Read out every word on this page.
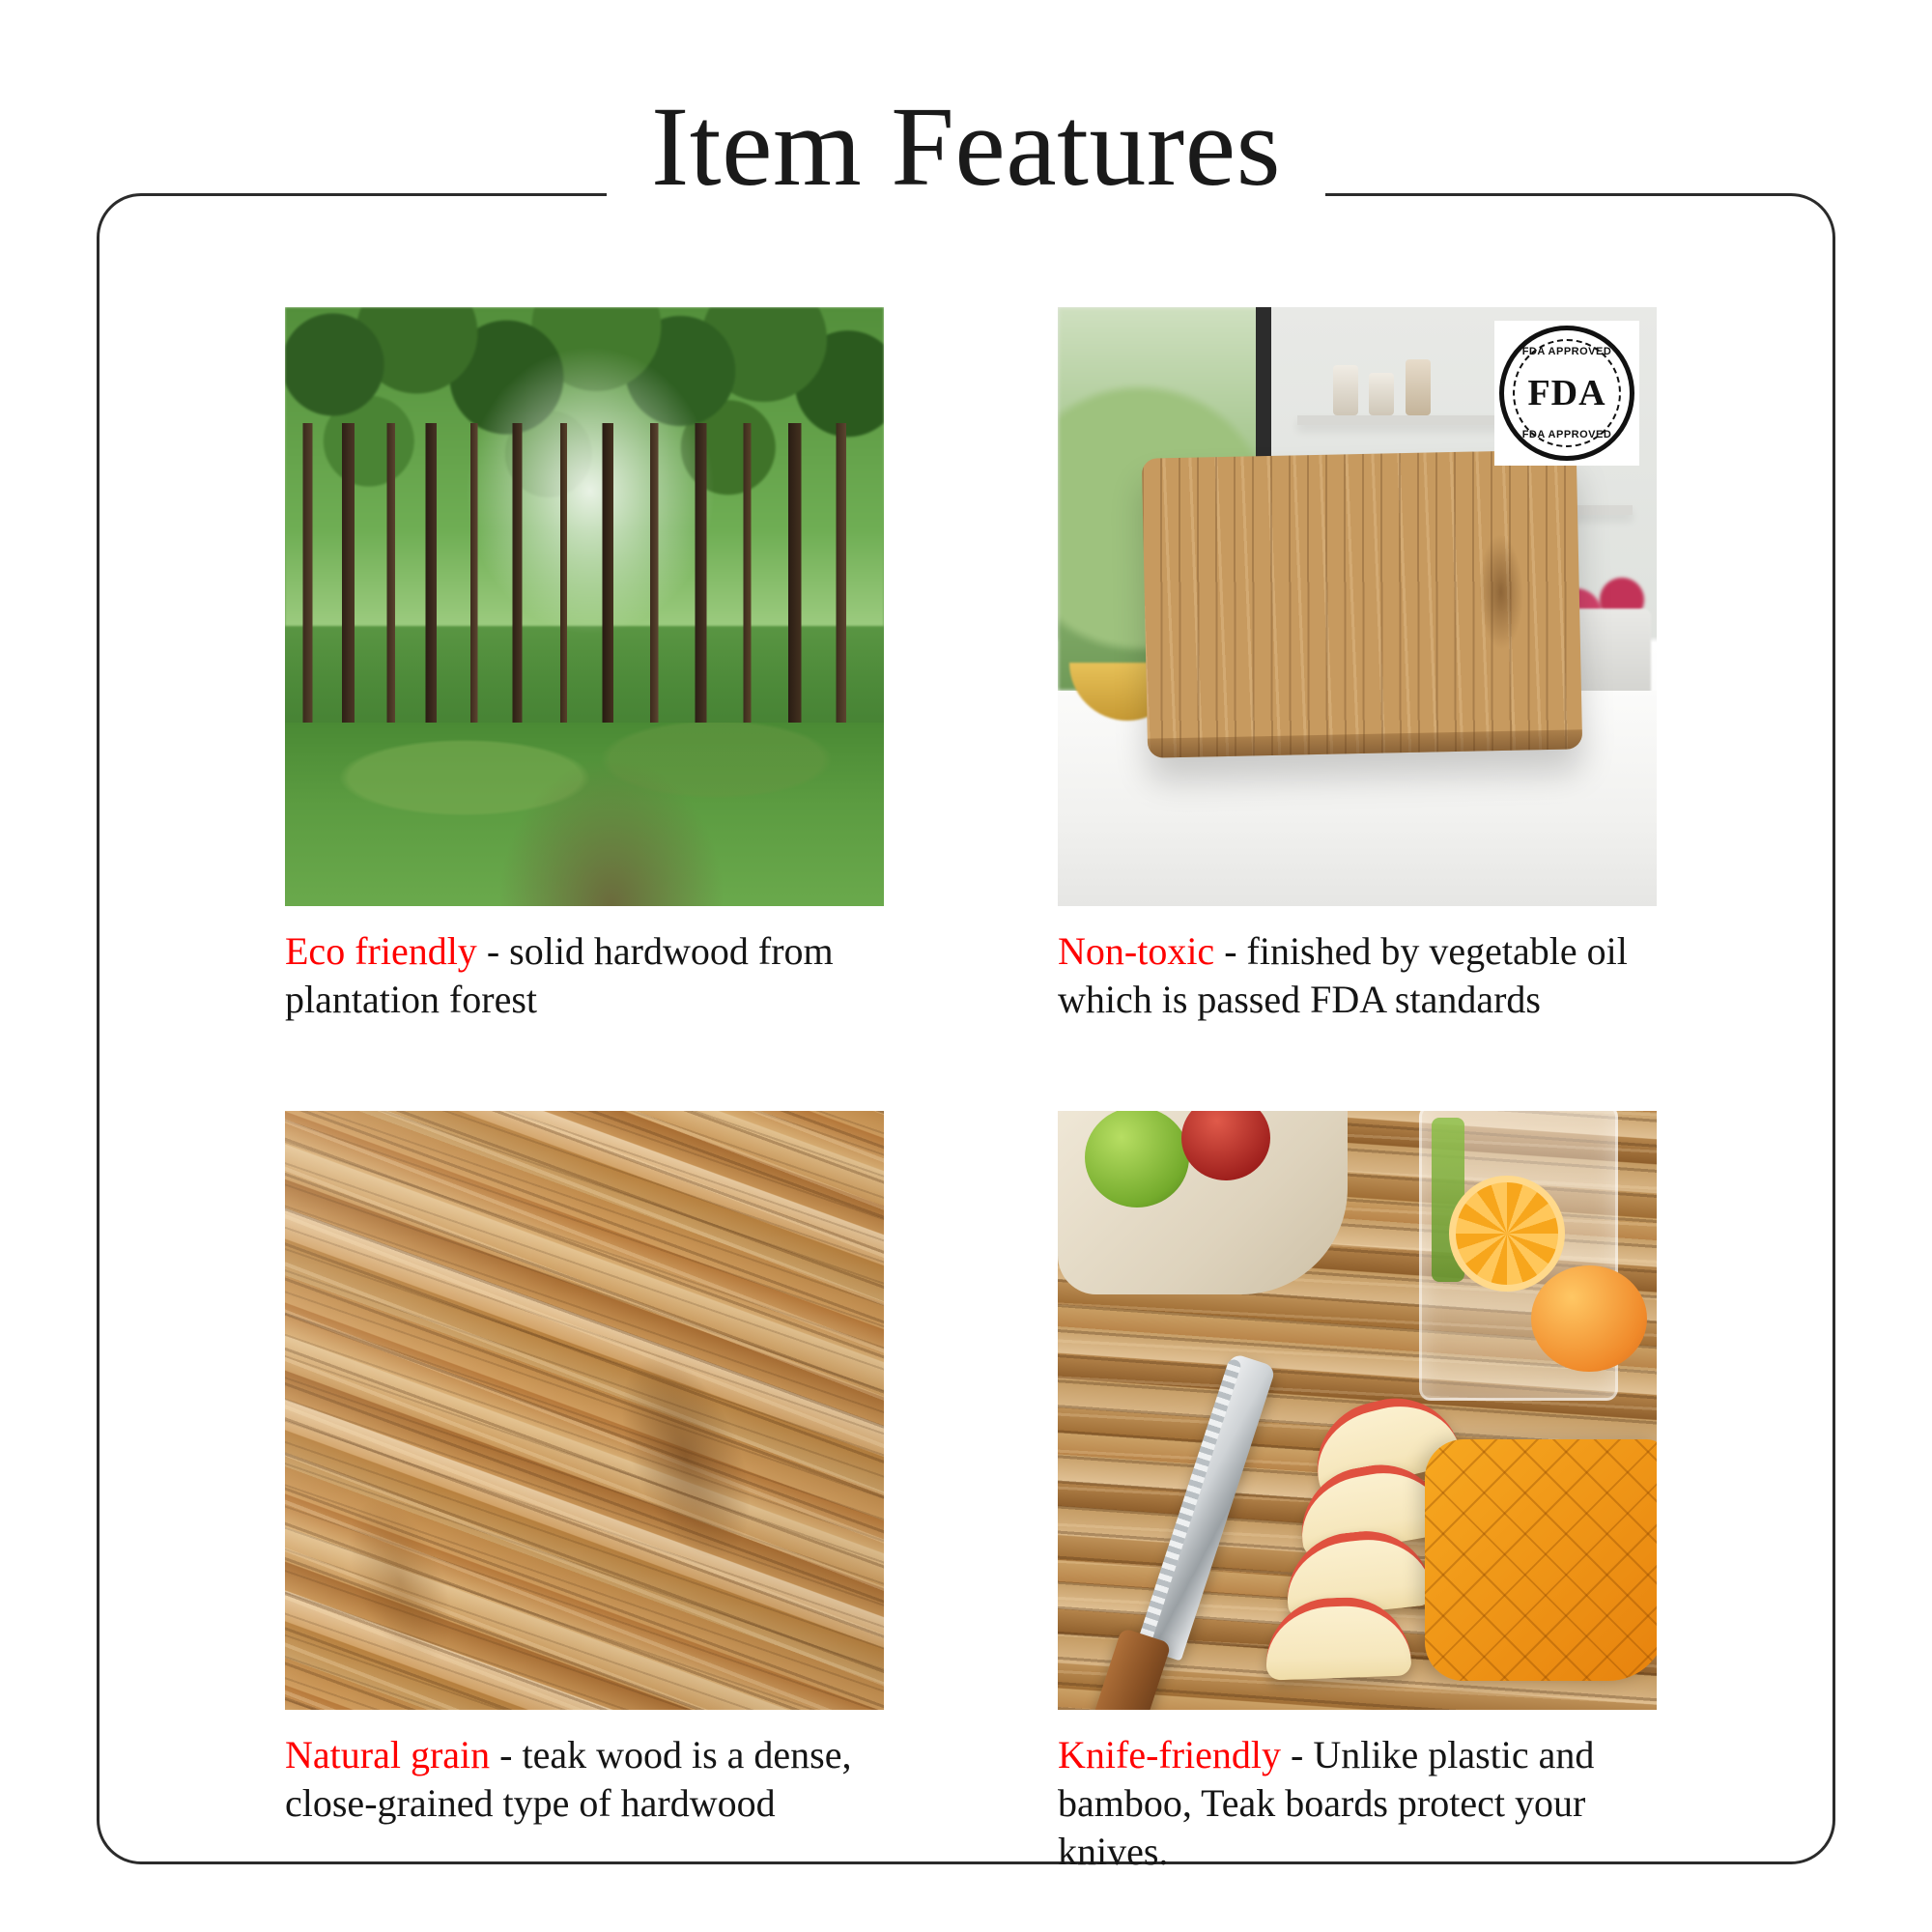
Item Features
Eco friendly - solid hardwood from plantation forest
FDA APPROVED
FDA
FDA APPROVED
Non-toxic - finished by vegetable oil which is passed FDA standards
Natural grain - teak wood is a dense, close-grained type of hardwood
Knife-friendly - Unlike plastic and bamboo, Teak boards protect your knives.
